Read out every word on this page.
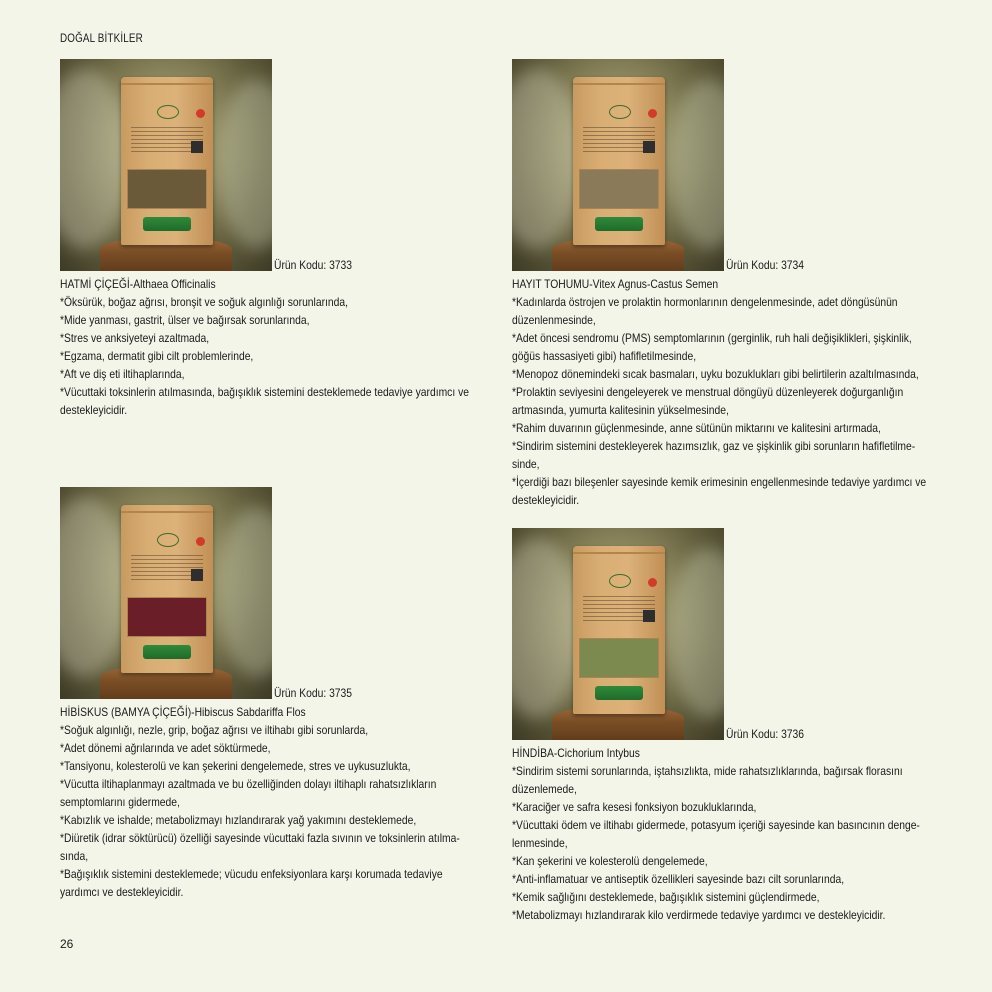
DOĞAL BİTKİLER
Ürün Kodu: 3733
HATMİ ÇİÇEĞİ-Althaea Officinalis
*Öksürük, boğaz ağrısı, bronşit ve soğuk algınlığı sorunlarında,
*Mide yanması, gastrit, ülser ve bağırsak sorunlarında,
*Stres ve anksiyeteyi azaltmada,
*Egzama, dermatit gibi cilt problemlerinde,
*Aft ve diş eti iltihaplarında,
*Vücuttaki toksinlerin atılmasında, bağışıklık sistemini desteklemede tedaviye yardımcı ve
destekleyicidir.
Ürün Kodu: 3734
HAYIT TOHUMU-Vitex Agnus-Castus Semen
*Kadınlarda östrojen ve prolaktin hormonlarının dengelenmesinde, adet döngüsünün
düzenlenmesinde,
*Adet öncesi sendromu (PMS) semptomlarının (gerginlik, ruh hali değişiklikleri, şişkinlik,
göğüs hassasiyeti gibi) hafifletilmesinde,
*Menopoz dönemindeki sıcak basmaları, uyku bozuklukları gibi belirtilerin azaltılmasında,
*Prolaktin seviyesini dengeleyerek ve menstrual döngüyü düzenleyerek doğurganlığın
artmasında, yumurta kalitesinin yükselmesinde,
*Rahim duvarının güçlenmesinde, anne sütünün miktarını ve kalitesini artırmada,
*Sindirim sistemini destekleyerek hazımsızlık, gaz ve şişkinlik gibi sorunların hafifletilme-
sinde,
*İçerdiği bazı bileşenler sayesinde kemik erimesinin engellenmesinde tedaviye yardımcı ve
destekleyicidir.
Ürün Kodu: 3735
HİBİSKUS (BAMYA ÇİÇEĞİ)-Hibiscus Sabdariffa Flos
*Soğuk algınlığı, nezle, grip, boğaz ağrısı ve iltihabı gibi sorunlarda,
*Adet dönemi ağrılarında ve adet söktürmede,
*Tansiyonu, kolesterolü ve kan şekerini dengelemede, stres ve uykusuzlukta,
*Vücutta iltihaplanmayı azaltmada ve bu özelliğinden dolayı iltihaplı rahatsızlıkların
semptomlarını gidermede,
*Kabızlık ve ishalde; metabolizmayı hızlandırarak yağ yakımını desteklemede,
*Diüretik (idrar söktürücü) özelliği sayesinde vücuttaki fazla sıvının ve toksinlerin atılma-
sında,
*Bağışıklık sistemini desteklemede; vücudu enfeksiyonlara karşı korumada tedaviye
yardımcı ve destekleyicidir.
Ürün Kodu: 3736
HİNDİBA-Cichorium Intybus
*Sindirim sistemi sorunlarında, iştahsızlıkta, mide rahatsızlıklarında, bağırsak florasını
düzenlemede,
*Karaciğer ve safra kesesi fonksiyon bozukluklarında,
*Vücuttaki ödem ve iltihabı gidermede, potasyum içeriği sayesinde kan basıncının denge-
lenmesinde,
*Kan şekerini ve kolesterolü dengelemede,
*Anti-inflamatuar ve antiseptik özellikleri sayesinde bazı cilt sorunlarında,
*Kemik sağlığını desteklemede, bağışıklık sistemini güçlendirmede,
*Metabolizmayı hızlandırarak kilo verdirmede tedaviye yardımcı ve destekleyicidir.
26
